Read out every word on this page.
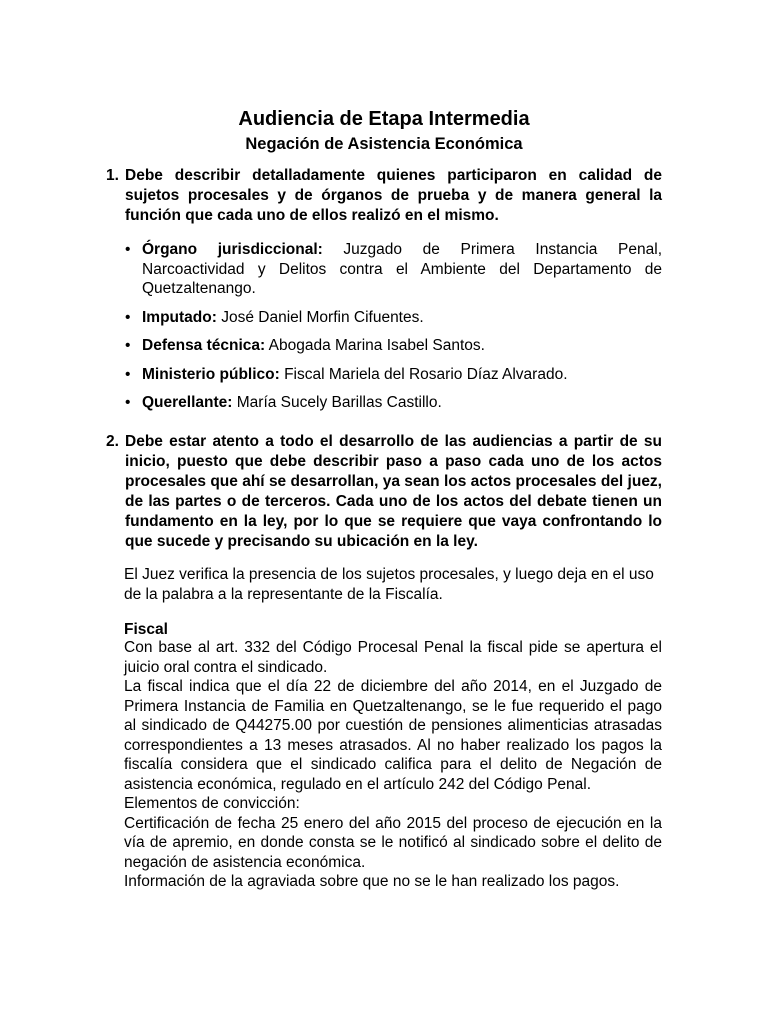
Audiencia de Etapa Intermedia
Negación de Asistencia Económica
1. Debe describir detalladamente quienes participaron en calidad de sujetos procesales y de órganos de prueba y de manera general la función que cada uno de ellos realizó en el mismo.
• Órgano jurisdiccional: Juzgado de Primera Instancia Penal, Narcoactividad y Delitos contra el Ambiente del Departamento de Quetzaltenango.
• Imputado: José Daniel Morfin Cifuentes.
• Defensa técnica: Abogada Marina Isabel Santos.
• Ministerio público: Fiscal Mariela del Rosario Díaz Alvarado.
• Querellante: María Sucely Barillas Castillo.
2. Debe estar atento a todo el desarrollo de las audiencias a partir de su inicio, puesto que debe describir paso a paso cada uno de los actos procesales que ahí se desarrollan, ya sean los actos procesales del juez, de las partes o de terceros. Cada uno de los actos del debate tienen un fundamento en la ley, por lo que se requiere que vaya confrontando lo que sucede y precisando su ubicación en la ley.
El Juez verifica la presencia de los sujetos procesales, y luego deja en el uso de la palabra a la representante de la Fiscalía.
Fiscal

Con base al art. 332 del Código Procesal Penal la fiscal pide se apertura el juicio oral contra el sindicado.

La fiscal indica que el día 22 de diciembre del año 2014, en el Juzgado de Primera Instancia de Familia en Quetzaltenango, se le fue requerido el pago al sindicado de Q44275.00 por cuestión de pensiones alimenticias atrasadas correspondientes a 13 meses atrasados. Al no haber realizado los pagos la fiscalía considera que el sindicado califica para el delito de Negación de asistencia económica, regulado en el artículo 242 del Código Penal.

Elementos de convicción:

Certificación de fecha 25 enero del año 2015 del proceso de ejecución en la vía de apremio, en donde consta se le notificó al sindicado sobre el delito de negación de asistencia económica.

Información de la agraviada sobre que no se le han realizado los pagos.
